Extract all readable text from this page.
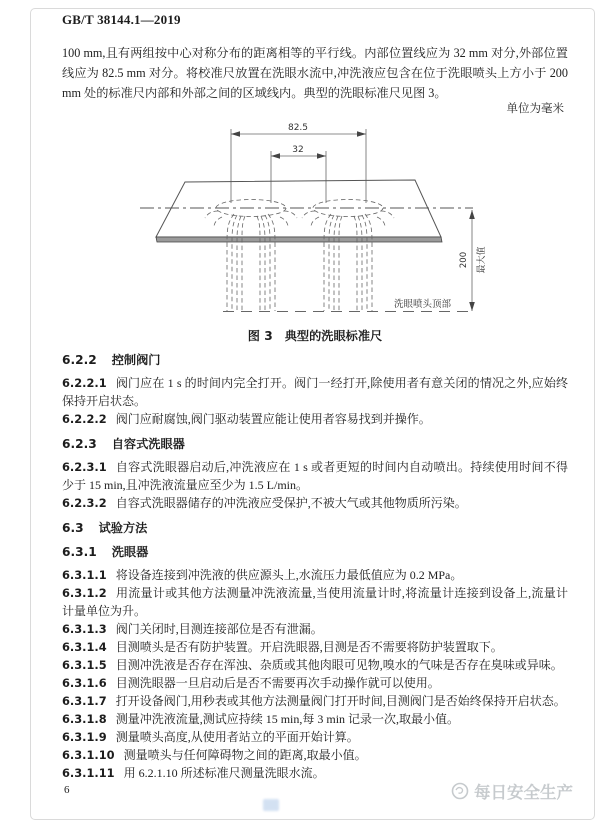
GB/T 38144.1—2019

100 mm,且有两组按中心对称分布的距离相等的平行线。内部位置线应为 32 mm 对分,外部位置线应为 82.5 mm 对分。将校准尺放置在洗眼水流中,冲洗液应包含在位于洗眼喷头上方小于 200 mm 处的标准尺内部和外部之间的区域线内。典型的洗眼标准尺见图 3。

单位为毫米
82.5
32
洗眼喷头顶部
200 最大值
图 3 典型的洗眼标准尺

6.2.2 控制阀门

6.2.2.1 阀门应在 1 s 的时间内完全打开。阀门一经打开,除使用者有意关闭的情况之外,应始终保持开启状态。

6.2.2.2 阀门应耐腐蚀,阀门驱动装置应能让使用者容易找到并操作。

6.2.3 自容式洗眼器

6.2.3.1 自容式洗眼器启动后,冲洗液应在 1 s 或者更短的时间内自动喷出。持续使用时间不得少于 15 min,且冲洗液流量应至少为 1.5 L/min。

6.2.3.2 自容式洗眼器储存的冲洗液应受保护,不被大气或其他物质所污染。

6.3 试验方法

6.3.1 洗眼器

6.3.1.1 将设备连接到冲洗液的供应源头上,水流压力最低值应为 0.2 MPa。

6.3.1.2 用流量计或其他方法测量冲洗液流量,当使用流量计时,将流量计连接到设备上,流量计计量单位为升。

6.3.1.3 阀门关闭时,目测连接部位是否有泄漏。

6.3.1.4 目测喷头是否有防护装置。开启洗眼器,目测是否不需要将防护装置取下。

6.3.1.5 目测冲洗液是否存在浑浊、杂质或其他肉眼可见物,嗅水的气味是否存在臭味或异味。

6.3.1.6 目测洗眼器一旦启动后是否不需要再次手动操作就可以使用。

6.3.1.7 打开设备阀门,用秒表或其他方法测量阀门打开时间,目测阀门是否始终保持开启状态。

6.3.1.8 测量冲洗液流量,测试应持续 15 min,每 3 min 记录一次,取最小值。

6.3.1.9 测量喷头高度,从使用者站立的平面开始计算。

6.3.1.10 测量喷头与任何障碍物之间的距离,取最小值。

6.3.1.11 用 6.2.1.10 所述标准尺测量洗眼水流。

6	每日安全生产
